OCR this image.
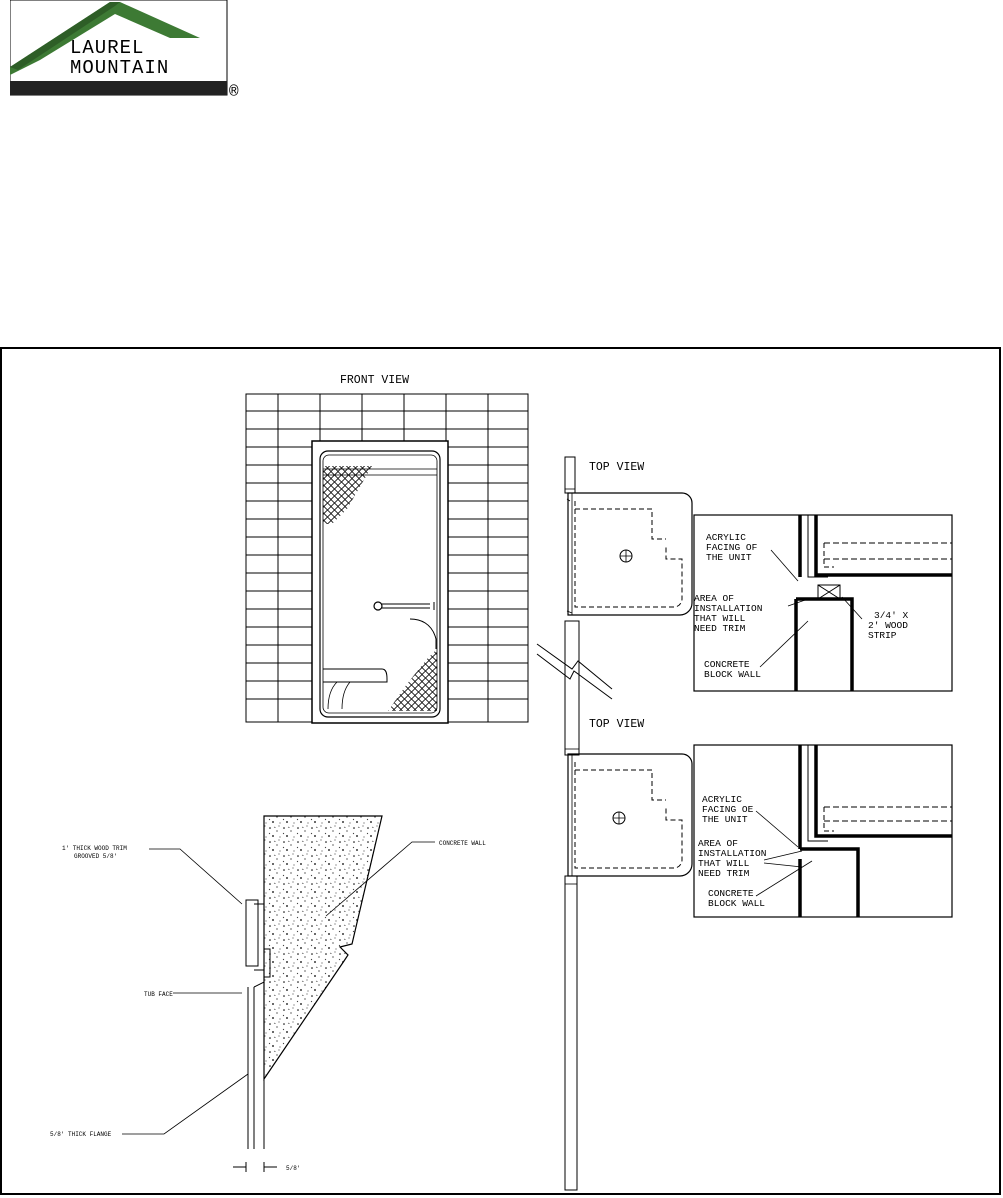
LAUREL
MOUNTAIN
®
FRONT VIEW
TOP VIEW
ACRYLIC
FACING OF
THE UNIT
AREA OF
INSTALLATION
THAT WILL
NEED TRIM
3/4' X
2' WOOD
STRIP
CONCRETE
BLOCK WALL
TOP VIEW
ACRYLIC
FACING OE
THE UNIT
AREA OF
INSTALLATION
THAT WILL
NEED TRIM
CONCRETE
BLOCK WALL
1' THICK WOOD TRIM
GROOVED 5/8'
CONCRETE WALL
TUB FACE
5/8' THICK FLANGE
5/8'
